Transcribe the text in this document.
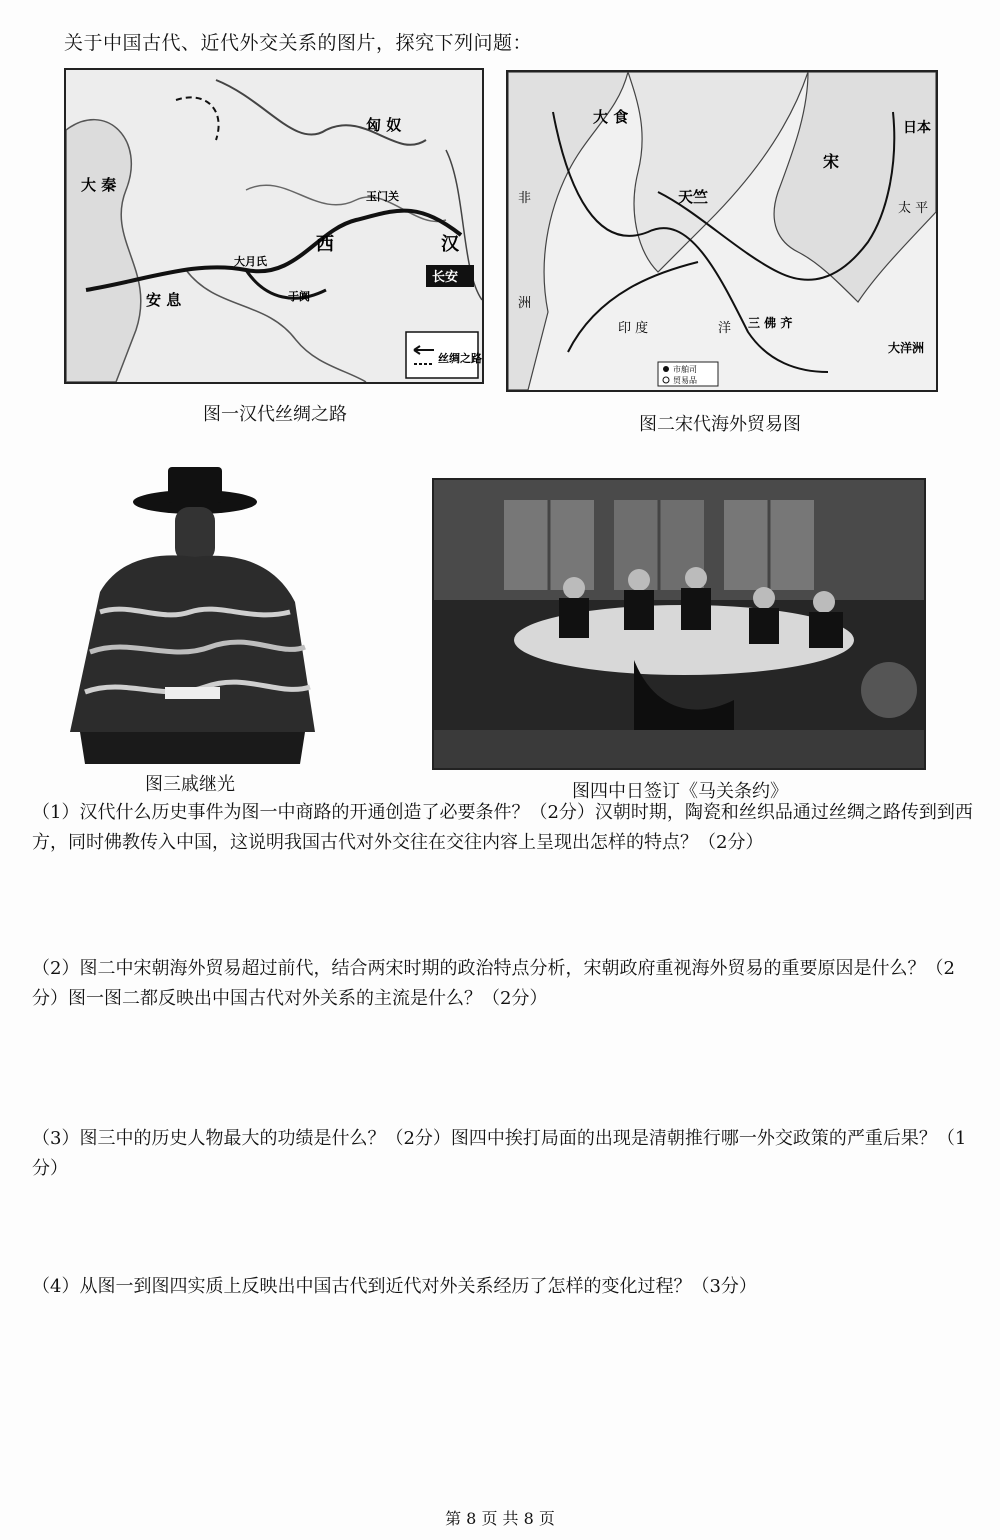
关于中国古代、近代外交关系的图片，探究下列问题：
匈 奴
大 秦
安 息
大月氏
玉门关
西	汉
长安
于阗
丝绸之路
图一汉代丝绸之路
大 食
天竺
宋
日本
太 平
三 佛 齐
印 度	洋
非
洲
大洋洲
市舶司
贸易品
图二宋代海外贸易图
图三戚继光	图四中日签订《马关条约》
（1）汉代什么历史事件为图一中商路的开通创造了必要条件？（2分）汉朝时期，陶瓷和丝织品通过丝绸之路传到到西方，同时佛教传入中国，这说明我国古代对外交往在交往内容上呈现出怎样的特点？（2分）
（2）图二中宋朝海外贸易超过前代，结合两宋时期的政治特点分析，宋朝政府重视海外贸易的重要原因是什么？（2分）图一图二都反映出中国古代对外关系的主流是什么？（2分）
（3）图三中的历史人物最大的功绩是什么？（2分）图四中挨打局面的出现是清朝推行哪一外交政策的严重后果？（1分）
（4）从图一到图四实质上反映出中国古代到近代对外关系经历了怎样的变化过程？（3分）
第 8 页 共 8 页
